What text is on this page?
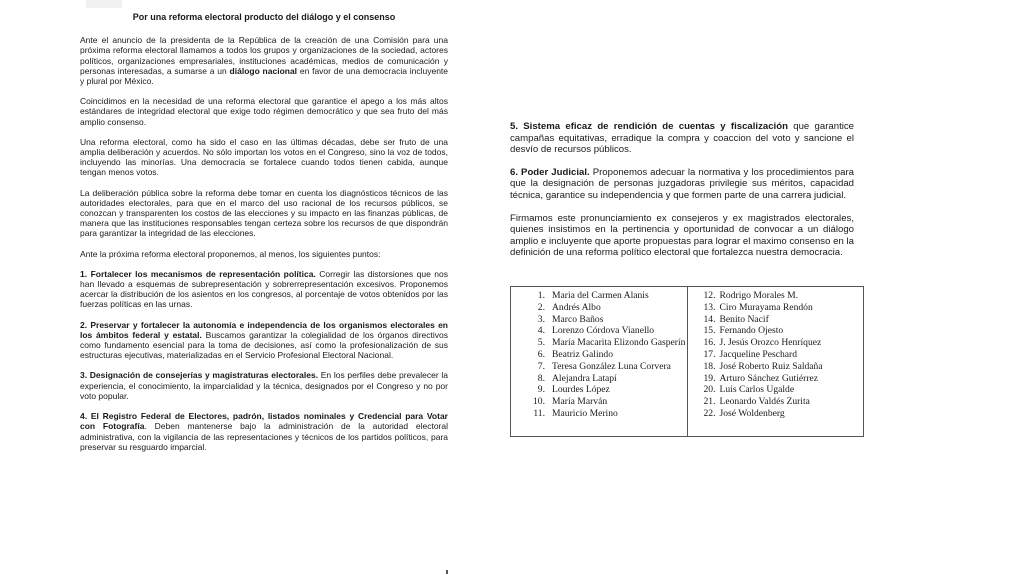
Por una reforma electoral producto del diálogo y el consenso

Ante el anuncio de la presidenta de la República de la creación de una Comisión para una próxima reforma electoral llamamos a todos los grupos y organizaciones de la sociedad, actores políticos, organizaciones empresariales, instituciones académicas, medios de comunicación y personas interesadas, a sumarse a un diálogo nacional en favor de una democracia incluyente y plural por México.

Coincidimos en la necesidad de una reforma electoral que garantice el apego a los más altos estándares de integridad electoral que exige todo régimen democrático y que sea fruto del más amplio consenso.

Una reforma electoral, como ha sido el caso en las últimas décadas, debe ser fruto de una amplia deliberación y acuerdos. No sólo importan los votos en el Congreso, sino la voz de todos, incluyendo las minorías. Una democracia se fortalece cuando todos tienen cabida, aunque tengan menos votos.

La deliberación pública sobre la reforma debe tomar en cuenta los diagnósticos técnicos de las autoridades electorales, para que en el marco del uso racional de los recursos públicos, se conozcan y transparenten los costos de las elecciones y su impacto en las finanzas públicas, de manera que las instituciones responsables tengan certeza sobre los recursos de que dispondrán para garantizar la integridad de las elecciones.

Ante la próxima reforma electoral proponemos, al menos, los siguientes puntos:

1. Fortalecer los mecanismos de representación política. Corregir las distorsiones que nos han llevado a esquemas de subrepresentación y sobrerrepresentación excesivos. Proponemos acercar la distribución de los asientos en los congresos, al porcentaje de votos obtenidos por las fuerzas políticas en las urnas.

2. Preservar y fortalecer la autonomía e independencia de los organismos electorales en los ámbitos federal y estatal. Buscamos garantizar la colegialidad de los órganos directivos como fundamento esencial para la toma de decisiones, así como la profesionalización de sus estructuras ejecutivas, materializadas en el Servicio Profesional Electoral Nacional.

3. Designación de consejerías y magistraturas electorales. En los perfiles debe prevalecer la experiencia, el conocimiento, la imparcialidad y la técnica, designados por el Congreso y no por voto popular.

4. El Registro Federal de Electores, padrón, listados nominales y Credencial para Votar con Fotografía. Deben mantenerse bajo la administración de la autoridad electoral administrativa, con la vigilancia de las representaciones y técnicos de los partidos políticos, para preservar su resguardo imparcial.

5. Sistema eficaz de rendición de cuentas y fiscalización que garantice campañas equitativas, erradique la compra y coaccion del voto y sancione el desvío de recursos públicos.

6. Poder Judicial. Proponemos adecuar la normativa y los procedimientos para que la designación de personas juzgadoras privilegie sus méritos, capacidad técnica, garantice su independencia y que formen parte de una carrera judicial.

Firmamos este pronunciamiento ex consejeros y ex magistrados electorales, quienes insistimos en la pertinencia y oportunidad de convocar a un diálogo amplio e incluyente que aporte propuestas para lograr el maximo consenso en la definición de una reforma político electoral que fortalezca nuestra democracia.

1. Maria del Carmen Alanis
2. Andrés Albo
3. Marco Baños
4. Lorenzo Córdova Vianello
5. María Macarita Elizondo Gasperín
6. Beatriz Galindo
7. Teresa González Luna Corvera
8. Alejandra Latapí
9. Lourdes López
10. María Marván
11. Mauricio Merino
12. Rodrigo Morales M.
13. Ciro Murayama Rendón
14. Benito Nacif
15. Fernando Ojesto
16. J. Jesús Orozco Henríquez
17. Jacqueline Peschard
18. José Roberto Ruiz Saldaña
19. Arturo Sánchez Gutiérrez
20. Luis Carlos Ugalde
21. Leonardo Valdés Zurita
22. José Woldenberg
